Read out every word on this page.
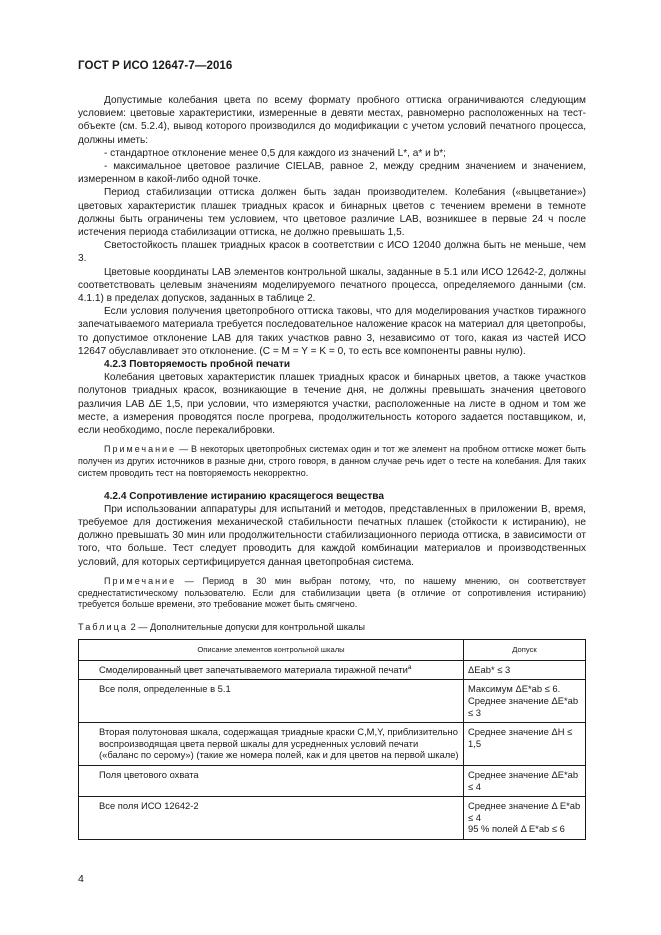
ГОСТ Р ИСО 12647-7—2016

Допустимые колебания цвета по всему формату пробного оттиска ограничиваются следующим условием: цветовые характеристики, измеренные в девяти местах, равномерно расположенных на тест-объекте (см. 5.2.4), вывод которого производился до модификации с учетом условий печатного процесса, должны иметь:

- стандартное отклонение менее 0,5 для каждого из значений L*, a* и b*;

- максимальное цветовое различие CIELAB, равное 2, между средним значением и значением, измеренном в какой-либо одной точке.

Период стабилизации оттиска должен быть задан производителем. Колебания («выцветание») цветовых характеристик плашек триадных красок и бинарных цветов с течением времени в темноте должны быть ограничены тем условием, что цветовое различие LAB, возникшее в первые 24 ч после истечения периода стабилизации оттиска, не должно превышать 1,5.

Светостойкость плашек триадных красок в соответствии с ИСО 12040 должна быть не меньше, чем 3.

Цветовые координаты LAB элементов контрольной шкалы, заданные в 5.1 или ИСО 12642-2, должны соответствовать целевым значениям моделируемого печатного процесса, определяемого данными (см. 4.1.1) в пределах допусков, заданных в таблице 2.

Если условия получения цветопробного оттиска таковы, что для моделирования участков тиражного запечатываемого материала требуется последовательное наложение красок на материал для цветопробы, то допустимое отклонение LAB для таких участков равно 3, независимо от того, какая из частей ИСО 12647 обуславливает это отклонение. (C = M = Y = K = 0, то есть все компоненты равны нулю).

4.2.3 Повторяемость пробной печати

Колебания цветовых характеристик плашек триадных красок и бинарных цветов, а также участков полутонов триадных красок, возникающие в течение дня, не должны превышать значения цветового различия LAB ΔE 1,5, при условии, что измеряются участки, расположенные на листе в одном и том же месте, а измерения проводятся после прогрева, продолжительность которого задается поставщиком, и, если необходимо, после перекалибровки.

Примечание — В некоторых цветопробных системах один и тот же элемент на пробном оттиске может быть получен из других источников в разные дни, строго говоря, в данном случае речь идет о тесте на колебания. Для таких систем проводить тест на повторяемость некорректно.

4.2.4 Сопротивление истиранию красящегося вещества

При использовании аппаратуры для испытаний и методов, представленных в приложении В, время, требуемое для достижения механической стабильности печатных плашек (стойкости к истиранию), не должно превышать 30 мин или продолжительности стабилизационного периода оттиска, в зависимости от того, что больше. Тест следует проводить для каждой комбинации материалов и производственных условий, для которых сертифицируется данная цветопробная система.

Примечание — Период в 30 мин выбран потому, что, по нашему мнению, он соответствует среднестатистическому пользователю. Если для стабилизации цвета (в отличие от сопротивления истиранию) требуется больше времени, это требование может быть смягчено.

Таблица 2 — Дополнительные допуски для контрольной шкалы

Описание элементов контрольной шкалы	Допуск
Смоделированный цвет запечатываемого материала тиражной печати$^a$	ΔEab* ≤ 3

Все поля, определенные в 5.1	Максимум ΔE*ab ≤ 6.
Среднее значение ΔE*ab ≤ 3

Вторая полутоновая шкала, содержащая триадные краски C,M,Y, приблизительно воспроизводящая цвета первой шкалы для усредненных условий печати («баланс по серому») (такие же номера полей, как и для цветов на первой шкале)	Среднее значение ΔH ≤ 1,5

Поля цветового охвата	Среднее значение ΔE*ab ≤ 4

Все поля ИСО 12642-2	Среднее значение Δ E*ab ≤ 4
95 % полей Δ E*ab ≤ 6
4
